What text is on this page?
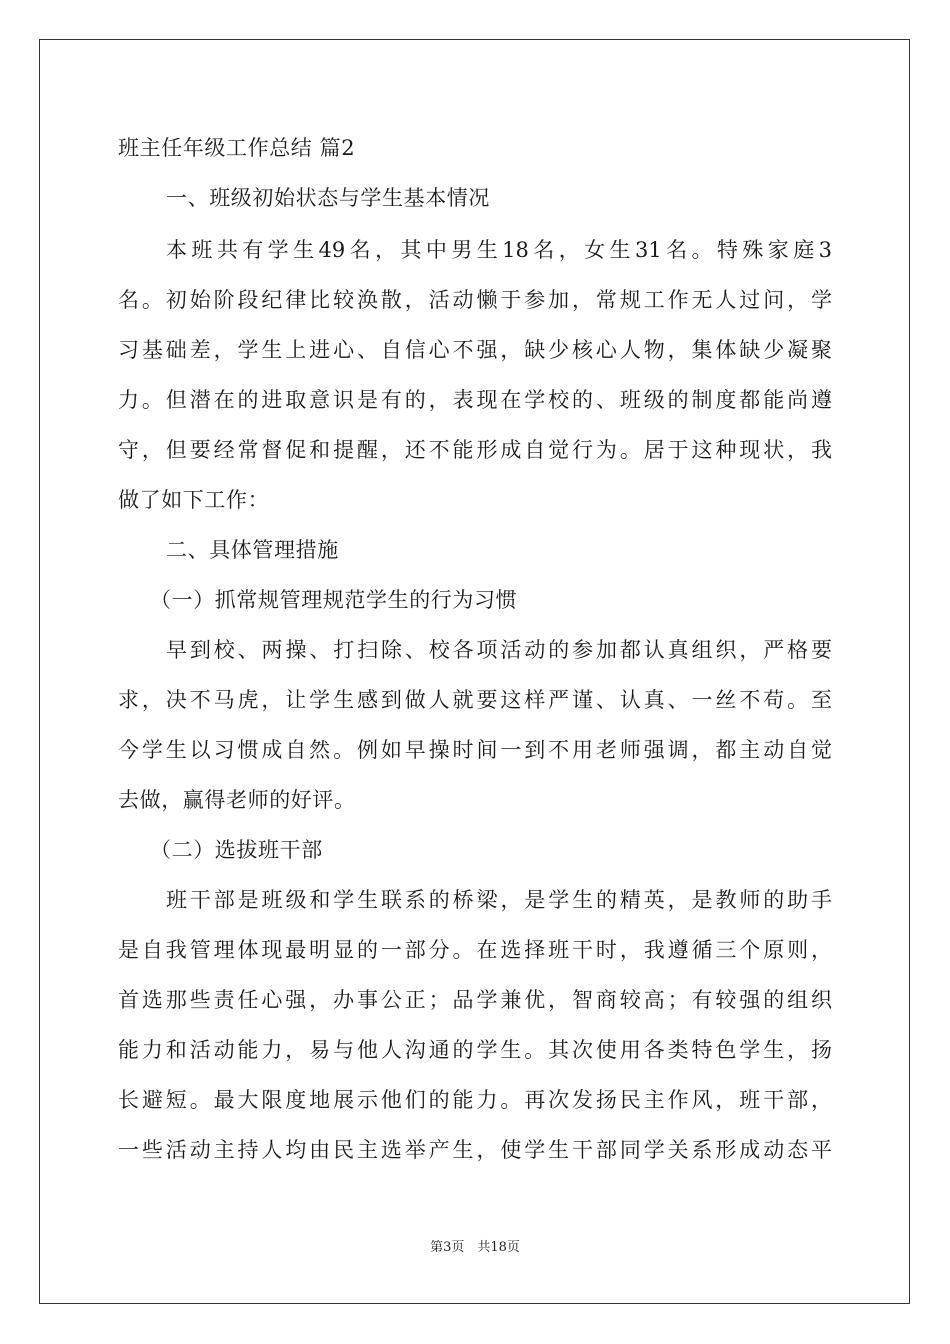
班主任年级工作总结 篇2
一、班级初始状态与学生基本情况
本班共有学生49名，其中男生18名，女生31名。特殊家庭3
名。初始阶段纪律比较涣散，活动懒于参加，常规工作无人过问，学
习基础差，学生上进心、自信心不强，缺少核心人物，集体缺少凝聚
力。但潜在的进取意识是有的，表现在学校的、班级的制度都能尚遵
守，但要经常督促和提醒，还不能形成自觉行为。居于这种现状，我
做了如下工作：
二、具体管理措施
（一）抓常规管理规范学生的行为习惯
早到校、两操、打扫除、校各项活动的参加都认真组织，严格要
求，决不马虎，让学生感到做人就要这样严谨、认真、一丝不苟。至
今学生以习惯成自然。例如早操时间一到不用老师强调，都主动自觉
去做，赢得老师的好评。
（二）选拔班干部
班干部是班级和学生联系的桥梁，是学生的精英，是教师的助手
是自我管理体现最明显的一部分。在选择班干时，我遵循三个原则，
首选那些责任心强，办事公正；品学兼优，智商较高；有较强的组织
能力和活动能力，易与他人沟通的学生。其次使用各类特色学生，扬
长避短。最大限度地展示他们的能力。再次发扬民主作风，班干部，
一些活动主持人均由民主选举产生，使学生干部同学关系形成动态平
第3页　共18页
